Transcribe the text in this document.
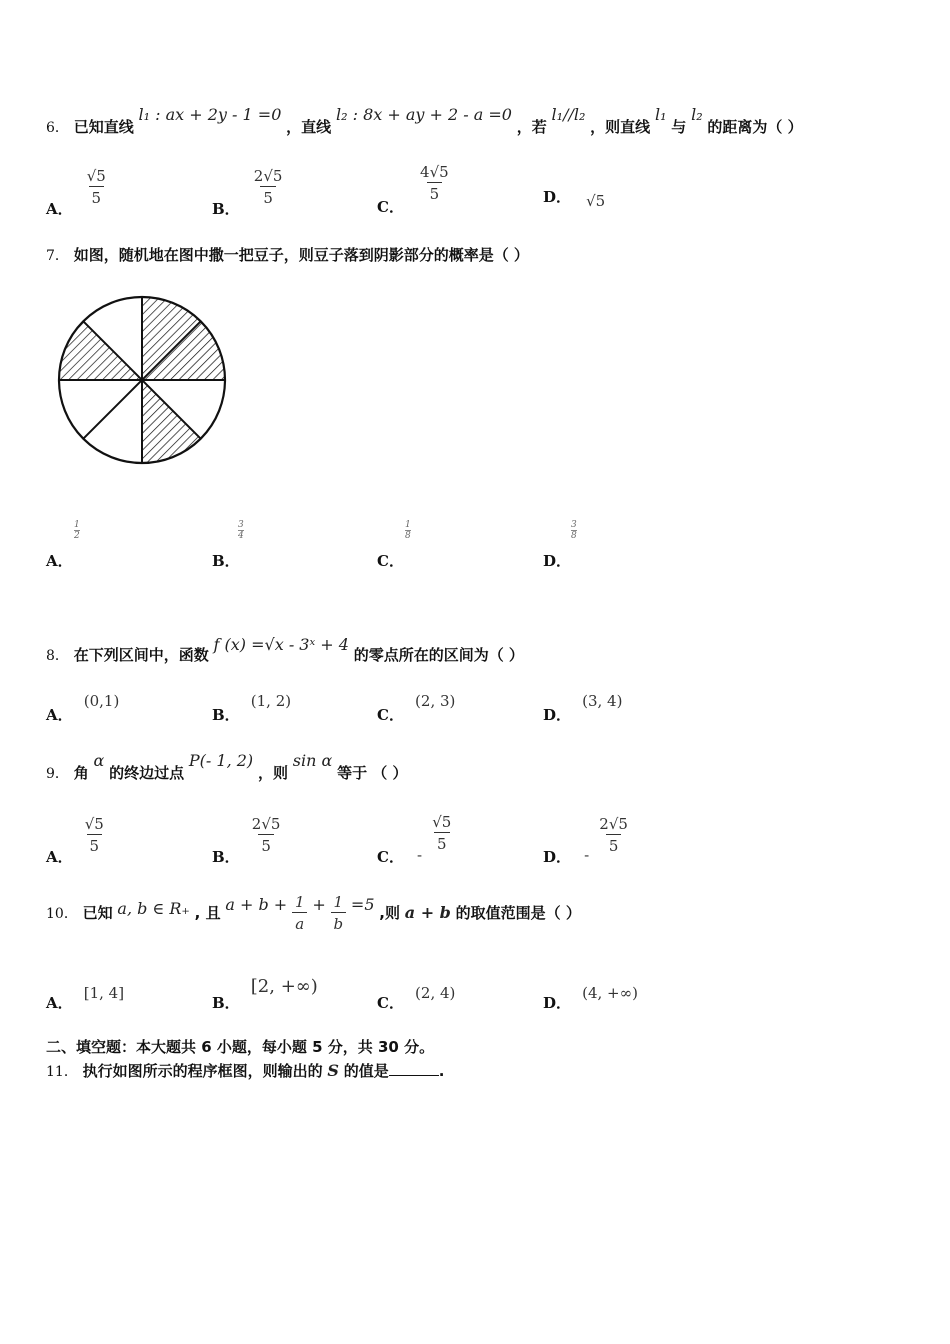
6． 已知直线 l₁ : ax + 2y - 1 =0 ，直线 l₂ : 8x + ay + 2 - a =0 ，若 l₁//l₂ ，则直线 l₁ 与 l₂ 的距离为（ ）
A． $\frac{√5}{5}$	B． $\frac{2√5}{5}$	C．
$\frac{4√5}{5}$	D． √5
7． 如图，随机地在图中撒一把豆子，则豆子落到阴影部分的概率是（ ）
$\frac{1}{2}$
A．
$\frac{3}{4}$
B．
$\frac{1}{8}$
C．
$\frac{3}{8}$
D．
8． 在下列区间中，函数 f (x) =√x - 3ˣ + 4 的零点所在的区间为（ ）
A． (0,1)
B． (1, 2)
C． (2, 3)
D． (3, 4)
9． 角 α 的终边过点 P(- 1, 2) ，则 sin α 等于 （ ）
A． $\frac{√5}{5}$	B． $\frac{2√5}{5}$	C． - $\frac{√5}{5}$
D． - $\frac{2√5}{5}$
10． 已知 a, b ∈ R₊ , 且 $a + b + \frac{1}{a} + \frac{1}{b} =5$ ,则 a + b 的取值范围是（ ）
A． [1, 4]
B． [2, +∞)
C． (2, 4)
D． (4, +∞)
二、填空题：本大题共 6 小题，每小题 5 分，共 30 分。
11． 执行如图所示的程序框图，则输出的 S 的值是	.
